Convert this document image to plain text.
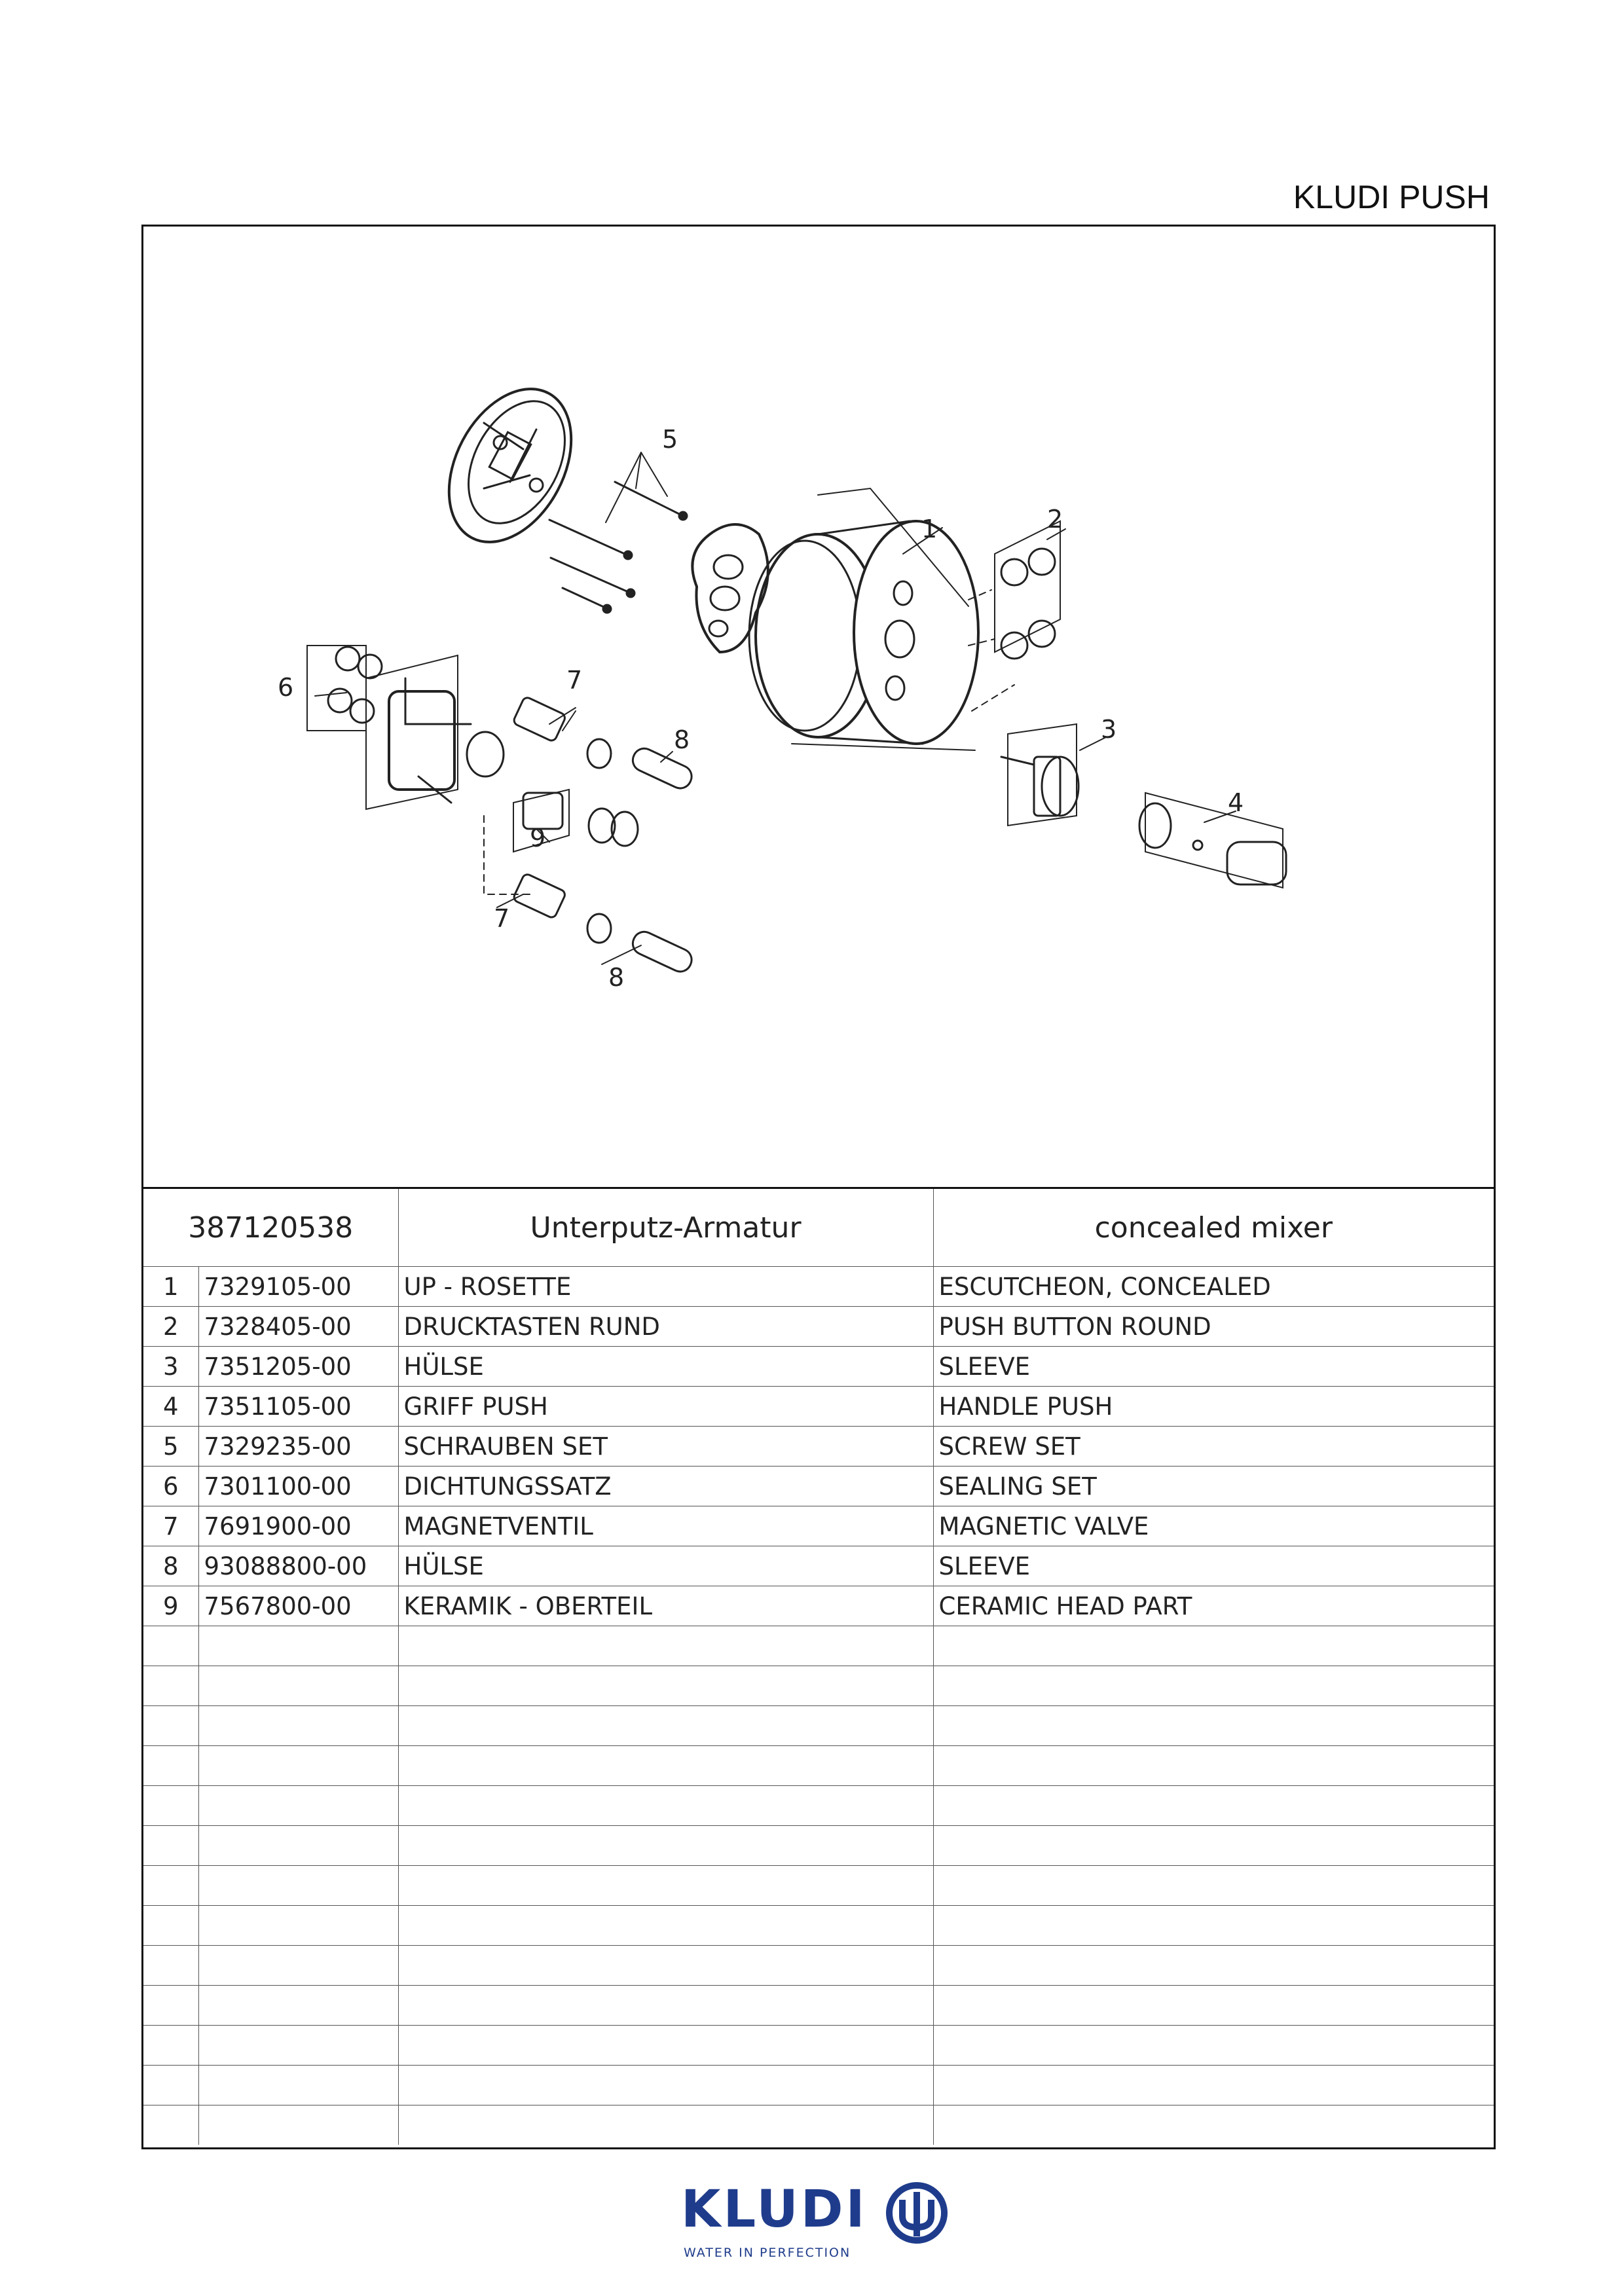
KLUDI PUSH
1	2
3
4
5
6	7
7
8
8
9
387120538		Unterputz-Armatur	concealed mixer
1	7329105-00	UP - ROSETTE	ESCUTCHEON, CONCEALED
2	7328405-00	DRUCKTASTEN RUND	PUSH BUTTON ROUND
3	7351205-00	HÜLSE	SLEEVE
4	7351105-00	GRIFF PUSH	HANDLE PUSH
5	7329235-00	SCHRAUBEN SET	SCREW SET
6	7301100-00	DICHTUNGSSATZ	SEALING SET
7	7691900-00	MAGNETVENTIL	MAGNETIC VALVE
8	93088800-00	HÜLSE	SLEEVE
9	7567800-00	KERAMIK - OBERTEIL	CERAMIC HEAD PART

KLUDI
WATER IN PERFECTION
